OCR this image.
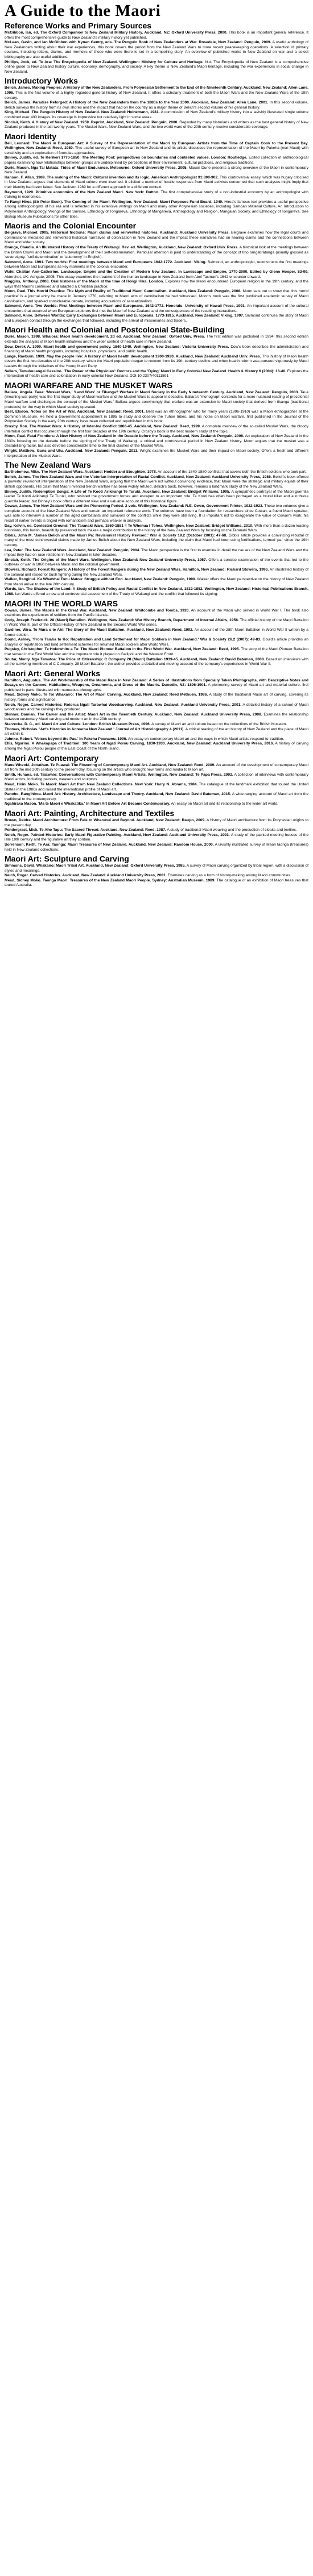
A Guide to the Maori
Reference Works and Primary Sources

McGibbon, Ian, ed. The Oxford Companion to New Zealand Military History. Auckland, NZ: Oxford University Press, 2000. This book is an important general reference. It offers the most comprehensive guide to New Zealand's military history yet published.

McLean, Gavin, and Ian McGibbon with Kynan Gentry, eds. The Penguin Book of New Zealanders at War. Rosedale, New Zealand: Penguin, 2009. A useful anthology of New Zealanders writing about their war experiences, this book covers the period from the New Zealand Wars to more recent peacekeeping operations. A selection of primary sources, including letters, diaries, and memoirs of those who were there is set in a compelling story. An overview of published works in New Zealand on war and a select bibliography are also useful additions.

Phillips, Jock, ed. Te Ara: The Encyclopedia of New Zealand. Wellington: Ministry for Culture and Heritage. N.d. The Encyclopedia of New Zealand is a comprehensive online guide to New Zealand history culture, economy, demography, and society. A key theme is New Zealand's Maori heritage, including the war experiences in social change in New Zealand.

Introductory Works

Belich, James. Making Peoples: A History of the New Zealanders, From Polynesian Settlement to the End of the Nineteenth Century. Auckland, New Zealand: Allen Lane, 1996. This is the first volume of a highly regarded general history of New Zealand. It offers a scholarly treatment of both the Maori Wars and the New Zealand Wars of the 19th century.

Belich, James. Paradise Reforged: A History of the New Zealanders from the 1880s to the Year 2000. Auckland, New Zealand: Allen Lane, 2001. In this second volume, Belich surveys the history from its own shores and the impact that had on the country as a major theme of Belich's second volume of his general history.

King, Michael. The Penguin History of New Zealand. New Zealand: Heinemann, 1981. A commission of New Zealand's military history into a lavishly illustrated single volume combined over 400 images, its coverage is impressive but relatively light in some areas.

Sinclair, Keith. A History of New Zealand. 1959. Reprint, Auckland, New Zealand: Penguin, 2000. Regarded by many historians and writers as the best general history of New Zealand produced in the last twenty years. The Musket Wars, New Zealand Wars, and the two world wars of the 20th century receive considerable coverage.

Maori Identity

Bell, Leonard. The Maori in European Art: A Survey of the Representation of the Maori by European Artists from the Time of Captain Cook to the Present Day. Wellington, New Zealand: Reed, 1980. This useful survey of European art in New Zealand and its artists discusses the representation of the Maori by Pakeha (non-Maori) with sensitivity and an exploration of formulas approaches.

Binney, Judith, ed. Te Kerikeri 1770-1850: The Meeting Pool: perspectives on boundaries and contested values. London: Routledge. Edited collection of anthropological papers examining how relationships between groups are underpinned by perceptions of their environment, cultural practices, and religious traditions.

Durie, Mason. Nga Tai Matatu: Tides of Maori Endurance. Melbourne: Oxford University Press, 2005. Mason Durie presents a strong overview of the Maori in contemporary New Zealand.

Hanson, F. Allan. 1989. The making of the Maori: Cultural invention and its logic. American Anthropologist 91:890-902. This controversial essay, which was hugely criticised in New Zealand, argues that elements of Maori culture were invented. It elicited a number of hostile responses from Maori activists concerned that such analyses might imply that their identity had been faked. See Jackson 1989 for a different approach in a different context.

Raymond, 1929. Primitive economics of the New Zealand Maori. New York: Dutton. The first comprehensive study of a non-industrial economy by an anthropologist with training in economics.

Te Rangi Hiroa (Sir Peter Buck). The Coming of the Maori. Wellington, New Zealand: Maori Purposes Fund Board, 1949. Hiroa's famous text provides a useful perspective among anthropologists of his era and is reflected in his extensive writings on Maori and many other Polynesian societies, including Samoan Material Culture, An Introduction to Polynesian Anthropology, Vikings of the Sunrise, Ethnology of Tongareva, Ethnology of Mangareva, Anthropology and Religion, Mangaian Society, and Ethnology of Tongareva. See Bishop Museum Publications for other titles.

Maoris and the Colonial Encounter

Belgrave, Michael. 2005. Historical frictions: Maori claims and reinvented histories. Auckland: Auckland University Press. Belgrave examines how the legal courts and commissions mediated and reinvented historical narratives of colonization in New Zealand and the impact these narratives had on healing claims and the connections between Maori and wider society.

Orange, Claudia. An Illustrated History of the Treaty of Waitangi. Rev. ed. Wellington, Auckland, New Zealand: Oxford Univ. Press. A historical look at the meetings between the British Crown and Maori and the development of their self-determination. Particular attention is paid to understanding of the concept of tino rangatiratanga (usually glossed as 'sovereignty,' 'self-determination' or 'autonomy' in English).

Salmond, Anne. 1991. Two worlds: First meetings between Maori and Europeans 1642-1772. Auckland: Viking. Salmond, an anthropologist, reconstructs the first meetings between Maori and Europeans as key moments in the colonial encounter.

Wahl, Chaltun Ann-Catherine. Landscape, Empire and the Creation of Modern New Zealand. In Landscape and Empire, 1770-2000. Edited by Glenn Hooper, 83-99. Aldershot, UK: Ashgate, 2005. This essay examines the treatment of the human landscape in New Zealand from Abel Tasman's 1642 encounter onward.

Muggins, Anthony. 2008. Oral histories of the Maori at the time of Hongi Hika. London. Explores how the Maori encountered European religion in the 19th century, and the ways that Maori's continued and adapted a Christian practice.

Moon, Paul. This Horrid Practice: The Myth and Reality of Traditional Maori Cannibalism. Auckland, New Zealand: Penguin, 2008. Moon sets out to show that 'this horrid practice' is a journal entry he made in January 1770, referring to Maori acts of cannibalism he had witnessed. Moon's book was the first published academic survey of Maori cannibalism, and sparked considerable debate, including accusations of sensationalism.

Salmond, Anne. Two Worlds: First Meetings between Maori and Europeans, 1642-1772. Honolulu: University of Hawaii Press, 1991. An important account of the cultural encounters that occurred when European explorers first met the Maori of New Zealand and the consequences of the resulting interactions.

Salmond, Anne. Between Worlds: Early Exchanges between Maori and Europeans, 1773-1815. Auckland, New Zealand: Viking, 1997. Salmond continues the story of Maori and European contact through the exchanges that followed, including the arrival of missionaries and traders.

Maori Health and Colonial and Postcolonial State-Building

Durie, Mason. 1998. Whaiora: Maori health development. 2d ed. Auckland, New Zealand: Oxford Univ. Press. The first edition was published in 1994; this second edition extends the analysis of Maori health initiatives and the wider context of health care in New Zealand.

Dow, Derek A. 1999. Maori health and government policy, 1840-1940. Wellington, New Zealand: Victoria University Press. Dow's book describes the administration and financing of Maori health programs, including hospitals, physicians, and public health.

Lange, Raeburn. 1999. May the people live: A history of Maori health development 1900-1920. Auckland, New Zealand: Auckland Univ. Press. This history of Maori health covers the first two decades of the 20th century, when the Maori population began to recover from its 19th-century decline and when health reform was pursued vigorously by Maori leaders through the initiatives of the Young Maori Party.

Sellers, Temuleulangai Cassino. 'The Power of the Physician': Doctors and the 'Dying' Maori in Early Colonial New Zealand. Health & History 6 (2004): 13-40. Explores the intersection of health care and colonization in early colonial New Zealand. DOI:10.2307/40111591

MAORI WARFARE AND THE MUSKET WARS

Ballara, Angela. Taua: 'Musket Wars,' 'Land Wars' or Tikanga? Warfare in Maori Society in the Early Nineteenth Century. Auckland, New Zealand: Penguin, 2003. Taua (meaning war party) was the first major study of Maori warfare and the Musket Wars to appear in decades. Ballara's 'monograph contends for a more nuanced reading of precolonial Maori warfare and challenges the concept of the Musket Wars.' Ballara argues convincingly that warfare was an extension to Maori society that derived from tikanga (traditional protocols) for the way in which Maori society operated.

Best, Elsdon. Notes on the Art of War. Auckland, New Zealand: Reed, 2001. Best was an ethnographer who for many years (1896-1910) was a Maori ethnographer at the Dominion Museum. He held a Government appointment in 1895 to study and observe the Tuhoe tribes, and his notes on Maori warfare, first published in the Journal of the Polynesian Society in the early 20th century, have been collected and republished in this book.

Crosby, Ron. The Musket Wars: A History of Inter-Iwi Conflict 1806-45. Auckland, New Zealand: Reed, 1999. A complete overview of the so-called Musket Wars, the bloody intertribal conflict that occurred through the first four decades of the 19th century. Crosby's book is the best modern study of the topic.

Moon, Paul. Fatal Frontiers: A New History of New Zealand in the Decade before the Treaty. Auckland, New Zealand: Penguin, 2006. An exploration of New Zealand in the 1830s focusing on the decade before the signing of the Treaty of Waitangi, a critical and controversial period in New Zealand history. Moon argues that the musket was a destabilizing factor, but also devotes considerable time to the final clashes of the Musket Wars.

Wright, Matthew. Guns and Utu. Auckland, New Zealand: Penguin, 2011. Wright examines the Musket Wars and their impact on Maori society. Offers a fresh and different interpretation of the Musket Wars.

The New Zealand Wars

Bartholomew, Mike. The New Zealand Wars. Auckland: Hodder and Stoughton, 1978. An account of the 1840-1880 conflicts that covers both the British soldiers who took part.

Belich, James. The New Zealand Wars and the Victorian Interpretation of Racial Conflict. Auckland, New Zealand: Auckland University Press, 1986. Belich's book offered a powerful revisionist interpretation of the New Zealand Wars, arguing that the Maori were not without convincing evidence, that Maori were the strategic and military equals of their British opponents. His claim that Maori invented trench warfare has been widely refuted. Belich's book, however, remains a landmark study of the New Zealand Wars.

Binney, Judith. Redemption Songs: A Life of Te Kooti Arikirangi Te Turuki. Auckland, New Zealand: Bridget Williams, 1995. A sympathetic portrayal of the Maori guerrilla leader Te Kooti Arikirangi Te Turuki, who resisted the government forces and escaped to an important role. Te Kooti has often been portrayed as a brutal killer and a ruthless guerrilla leader, but Binney's book offers a different view and a valuable account of this historical figure.

Cowan, James. The New Zealand Wars and the Pioneering Period. 2 vols. Wellington, New Zealand: R.E. Owen, Government Printer, 1922-1923. These two volumes give a complete account of the New Zealand Wars and remain an important reference work. The volumes have been a foundation for researchers since Cowan, a fluent Maori speaker, was able to interview a number of the aged combatants and survivors of the conflicts while they were still living. It is important not to exaggerate the value of Cowan's work; his recall of earlier events is tinged with romanticism and perhaps weaker in analysis.

Day, Kelvin, ed. Contested Ground: The Taranaki Wars, 1860-1881 = Te Whenua I Tohea. Wellington, New Zealand: Bridget Williams, 2010. With more than a dozen leading historians, this lavish, beautifully presented book makes a major contribution to the history of the New Zealand Wars by focusing on the Taranaki Wars.

Gibbs, John M. 'James Belich and the Maori Pa: Revisionist History Revised.' War & Society 19.2 (October 2001): 47-68. Gibb's article provides a convincing rebuttal of many of the most controversial claims made by James Belich about the New Zealand Wars, including the claim that Maori had been using fortifications, termed 'pa,' since the 19th century.

Lea, Peter. The New Zealand Wars. Auckland, New Zealand: Penguin, 2004. The Maori perspective is the first to examine in detail the causes of the New Zealand Wars and the impact they had on race relations in New Zealand in later decades.

Sinclair, Keith. The Origins of the Maori Wars. Wellington, New Zealand: New Zealand University Press, 1957. Offers a concise examination of the events that led to the outbreak of war in 1860 between Maori and the colonial government.

Stowers, Richard. Forest Rangers: A History of the Forest Rangers during the New Zealand Wars. Hamilton, New Zealand: Richard Stowers, 1996. An illustrated history of the colonial unit raised for bush fighting during the New Zealand Wars.

Walker, Ranginui. Ka Whawhai Tonu Matou: Struggle without End. Auckland, New Zealand: Penguin, 1990. Walker offers the Maori perspective on the history of New Zealand from Maori arrival to the late 20th century.

Wards, Ian. The Shadow of the Land: A Study of British Policy and Racial Conflict in New Zealand, 1832-1852. Wellington, New Zealand: Historical Publications Branch, 1968. Ian Wards offered a new and controversial assessment of the Treaty of Waitangi and the conflict that followed its signing.

MAORI IN THE WORLD WARS

Cowan, James. The Maoris in the Great War. Auckland, New Zealand: Whitcombe and Tombs, 1926. An account of the Maori who served in World War I. The book also examines the experiences of soldiers from the Pacific Islands.

Cody, Joseph Frederick. 28 (Maori) Battalion. Wellington, New Zealand: War History Branch, Department of Internal Affairs, 1956. The official history of the Maori Battalion in World War II, part of the Official History of New Zealand in the Second World War series.

Gardiner, Wira. Te Mura o te Ahi: The Story of the Maori Battalion. Auckland, New Zealand: Reed, 1992. An account of the 28th Maori Battalion in World War II written by a former soldier.

Gould, Ashley. 'From Taiaha to Ko: Repatriation and Land Settlement for Maori Soldiers in New Zealand.' War & Society 26.2 (2007): 49-83. Gould's article provides an analysis of repatriation and land settlement schemes for returned Maori soldiers after World War I.

Pugsley, Christopher. Te Hokowhitu a Tu: The Maori Pioneer Battalion in the First World War. Auckland, New Zealand: Reed, 1995. The story of the Maori Pioneer Battalion that served in the First World War and the important role it played on Gallipoli and the Western Front.

Soutar, Monty. Nga Tamatoa: The Price of Citizenship: C Company 28 (Maori) Battalion 1939-45. Auckland, New Zealand: David Bateman, 2008. Based on interviews with all the surviving members of C Company, 28 Maori Battalion, the author provides a detailed and moving account of the company's experiences in World War II.

Maori Art: General Works

Hamilton, Augustus. The Art Workmanship of the Maori Race in New Zealand: A Series of Illustrations from Specially Taken Photographs, with Descriptive Notes and Essays on the Canoes, Habitations, Weapons, Ornaments, and Dress of the Maoris. Dunedin, NZ: 1896-1901. A pioneering survey of Maori art and material culture, first published in parts, illustrated with numerous photographs.

Mead, Sidney Moko. Te Toi Whakairo: The Art of Maori Carving. Auckland, New Zealand: Reed Methuen, 1986. A study of the traditional Maori art of carving, covering its history, forms and significance.

Neich, Roger. Carved Histories: Rotorua Ngati Tarawhai Woodcarving. Auckland, New Zealand: Auckland University Press, 2001. A detailed history of a school of Maori woodcarvers and the carvings they produced.

Skinner, Damian. The Carver and the Artist: Maori Art in the Twentieth Century. Auckland, New Zealand: Auckland University Press, 2008. Examines the relationship between customary Maori carving and modern art in the 20th century.

Starzecka, D. C., ed. Maori Art and Culture. London: British Museum Press, 1996. A survey of Maori art and culture based on the collections of the British Museum.

Thomas, Nicholas. 'Art's Histories in Aotearoa New Zealand.' Journal of Art Historiography 4 (2011). A critical reading of the art history of New Zealand and the place of Maori art within it.

Jahnke, Robert. 'Voices beyond the Pae.' In Pakeha Pounamu, 1996. An essay on contemporary Maori art and the ways in which Maori artists respond to tradition.

Ellis, Ngarino. A Whakapapa of Tradition: 100 Years of Ngati Porou Carving, 1830-1930. Auckland, New Zealand: Auckland University Press, 2016. A history of carving among the Ngati Porou people of the East Coast of the North Island.

Maori Art: Contemporary

Mane-Wheoki, Jonathan. Te Puawai: The Flowering of Contemporary Maori Art. Auckland, New Zealand: Reed, 2009. An account of the development of contemporary Maori art from the mid 20th century to the present day, focusing on the artists who brought new forms and media to Maori art.

Smith, Huhana, ed. Taiawhio: Conversations with Contemporary Maori Artists. Wellington, New Zealand: Te Papa Press, 2002. A collection of interviews with contemporary Maori artists, including painters, weavers and sculptors.

Mead, Hirini Moko. Te Maori: Maori Art from New Zealand Collections. New York: Harry N. Abrams, 1984. The catalogue of the landmark exhibition that toured the United States in the 1980s and raised the international profile of Maori art.

Panoho, Rangihiroa. Maori Art: History, Architecture, Landscape and Theory. Auckland, New Zealand: David Bateman, 2015. A wide-ranging account of Maori art from the traditional to the contemporary.

Ngahiraka Mason. 'Ma te Maori e Whakatika.' In Maori Art Before Art Became Contemporary. An essay on Maori art and its relationship to the wider art world.

Maori Art: Painting, Architecture and Textiles

Brown, Deidre. Maori Architecture: From Fale to Wharenui and Beyond. Auckland, New Zealand: Raupo, 2009. A history of Maori architecture from its Polynesian origins to the present day.

Pendergrast, Mick. Te Aho Tapu: The Sacred Thread. Auckland, New Zealand: Reed, 1987. A study of traditional Maori weaving and the production of cloaks and textiles.

Neich, Roger. Painted Histories: Early Maori Figurative Painting. Auckland, New Zealand: Auckland University Press, 1993. A study of the painted meeting houses of the late 19th century and the figurative art they contain.

Sorrenson, Keith. Te Ara: Taonga: Maori Treasures of New Zealand. Auckland, New Zealand: Random House, 2000. A lavishly illustrated survey of Maori taonga (treasures) held in New Zealand collections.

Maori Art: Sculpture and Carving

Simmons, David. Whakairo: Maori Tribal Art. Auckland, New Zealand: Oxford University Press, 1985. A survey of Maori carving organized by tribal region, with a discussion of styles and meanings.

Neich, Roger. Carved Histories. Auckland, New Zealand: Auckland University Press, 2001. Examines carving as a form of history-making among Maori communities.

Mead, Sidney Moko. Taonga Maori: Treasures of the New Zealand Maori People. Sydney: Australian Museum, 1989. The catalogue of an exhibition of Maori treasures that toured Australia.
